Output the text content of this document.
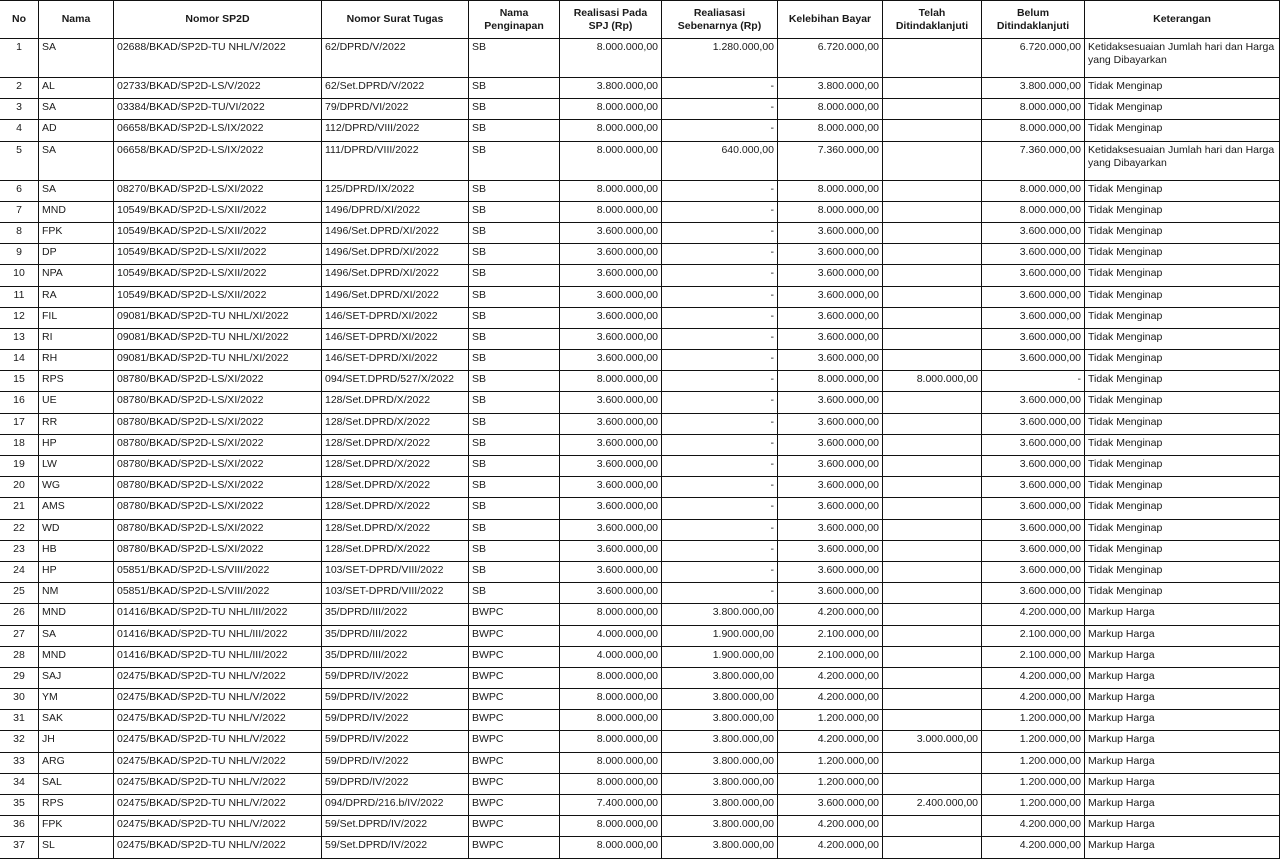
No	Nama	Nomor SP2D	Nomor Surat Tugas	Nama Penginapan	Realisasi Pada SPJ (Rp)	Realiasasi Sebenarnya (Rp)	Kelebihan Bayar	Telah Ditindaklanjuti	Belum Ditindaklanjuti	Keterangan
1	SA	02688/BKAD/SP2D-TU NHL/V/2022	62/DPRD/V/2022	SB	8.000.000,00	1.280.000,00	6.720.000,00		6.720.000,00	Ketidaksesuaian Jumlah hari dan Harga yang Dibayarkan
2	AL	02733/BKAD/SP2D-LS/V/2022	62/Set.DPRD/V/2022	SB	3.800.000,00	-	3.800.000,00		3.800.000,00	Tidak Menginap
3	SA	03384/BKAD/SP2D-TU/VI/2022	79/DPRD/VI/2022	SB	8.000.000,00	-	8.000.000,00		8.000.000,00	Tidak Menginap
4	AD	06658/BKAD/SP2D-LS/IX/2022	112/DPRD/VIII/2022	SB	8.000.000,00	-	8.000.000,00		8.000.000,00	Tidak Menginap
5	SA	06658/BKAD/SP2D-LS/IX/2022	111/DPRD/VIII/2022	SB	8.000.000,00	640.000,00	7.360.000,00		7.360.000,00	Ketidaksesuaian Jumlah hari dan Harga yang Dibayarkan
6	SA	08270/BKAD/SP2D-LS/XI/2022	125/DPRD/IX/2022	SB	8.000.000,00	-	8.000.000,00		8.000.000,00	Tidak Menginap
7	MND	10549/BKAD/SP2D-LS/XII/2022	1496/DPRD/XI/2022	SB	8.000.000,00	-	8.000.000,00		8.000.000,00	Tidak Menginap
8	FPK	10549/BKAD/SP2D-LS/XII/2022	1496/Set.DPRD/XI/2022	SB	3.600.000,00	-	3.600.000,00		3.600.000,00	Tidak Menginap
9	DP	10549/BKAD/SP2D-LS/XII/2022	1496/Set.DPRD/XI/2022	SB	3.600.000,00	-	3.600.000,00		3.600.000,00	Tidak Menginap
10	NPA	10549/BKAD/SP2D-LS/XII/2022	1496/Set.DPRD/XI/2022	SB	3.600.000,00	-	3.600.000,00		3.600.000,00	Tidak Menginap
11	RA	10549/BKAD/SP2D-LS/XII/2022	1496/Set.DPRD/XI/2022	SB	3.600.000,00	-	3.600.000,00		3.600.000,00	Tidak Menginap
12	FIL	09081/BKAD/SP2D-TU NHL/XI/2022	146/SET-DPRD/XI/2022	SB	3.600.000,00	-	3.600.000,00		3.600.000,00	Tidak Menginap
13	RI	09081/BKAD/SP2D-TU NHL/XI/2022	146/SET-DPRD/XI/2022	SB	3.600.000,00	-	3.600.000,00		3.600.000,00	Tidak Menginap
14	RH	09081/BKAD/SP2D-TU NHL/XI/2022	146/SET-DPRD/XI/2022	SB	3.600.000,00	-	3.600.000,00		3.600.000,00	Tidak Menginap
15	RPS	08780/BKAD/SP2D-LS/XI/2022	094/SET.DPRD/527/X/2022	SB	8.000.000,00	-	8.000.000,00	8.000.000,00	-	Tidak Menginap
16	UE	08780/BKAD/SP2D-LS/XI/2022	128/Set.DPRD/X/2022	SB	3.600.000,00	-	3.600.000,00		3.600.000,00	Tidak Menginap
17	RR	08780/BKAD/SP2D-LS/XI/2022	128/Set.DPRD/X/2022	SB	3.600.000,00	-	3.600.000,00		3.600.000,00	Tidak Menginap
18	HP	08780/BKAD/SP2D-LS/XI/2022	128/Set.DPRD/X/2022	SB	3.600.000,00	-	3.600.000,00		3.600.000,00	Tidak Menginap
19	LW	08780/BKAD/SP2D-LS/XI/2022	128/Set.DPRD/X/2022	SB	3.600.000,00	-	3.600.000,00		3.600.000,00	Tidak Menginap
20	WG	08780/BKAD/SP2D-LS/XI/2022	128/Set.DPRD/X/2022	SB	3.600.000,00	-	3.600.000,00		3.600.000,00	Tidak Menginap
21	AMS	08780/BKAD/SP2D-LS/XI/2022	128/Set.DPRD/X/2022	SB	3.600.000,00	-	3.600.000,00		3.600.000,00	Tidak Menginap
22	WD	08780/BKAD/SP2D-LS/XI/2022	128/Set.DPRD/X/2022	SB	3.600.000,00	-	3.600.000,00		3.600.000,00	Tidak Menginap
23	HB	08780/BKAD/SP2D-LS/XI/2022	128/Set.DPRD/X/2022	SB	3.600.000,00	-	3.600.000,00		3.600.000,00	Tidak Menginap
24	HP	05851/BKAD/SP2D-LS/VIII/2022	103/SET-DPRD/VIII/2022	SB	3.600.000,00	-	3.600.000,00		3.600.000,00	Tidak Menginap
25	NM	05851/BKAD/SP2D-LS/VIII/2022	103/SET-DPRD/VIII/2022	SB	3.600.000,00	-	3.600.000,00		3.600.000,00	Tidak Menginap
26	MND	01416/BKAD/SP2D-TU NHL/III/2022	35/DPRD/III/2022	BWPC	8.000.000,00	3.800.000,00	4.200.000,00		4.200.000,00	Markup Harga
27	SA	01416/BKAD/SP2D-TU NHL/III/2022	35/DPRD/III/2022	BWPC	4.000.000,00	1.900.000,00	2.100.000,00		2.100.000,00	Markup Harga
28	MND	01416/BKAD/SP2D-TU NHL/III/2022	35/DPRD/III/2022	BWPC	4.000.000,00	1.900.000,00	2.100.000,00		2.100.000,00	Markup Harga
29	SAJ	02475/BKAD/SP2D-TU NHL/V/2022	59/DPRD/IV/2022	BWPC	8.000.000,00	3.800.000,00	4.200.000,00		4.200.000,00	Markup Harga
30	YM	02475/BKAD/SP2D-TU NHL/V/2022	59/DPRD/IV/2022	BWPC	8.000.000,00	3.800.000,00	4.200.000,00		4.200.000,00	Markup Harga
31	SAK	02475/BKAD/SP2D-TU NHL/V/2022	59/DPRD/IV/2022	BWPC	8.000.000,00	3.800.000,00	1.200.000,00		1.200.000,00	Markup Harga
32	JH	02475/BKAD/SP2D-TU NHL/V/2022	59/DPRD/IV/2022	BWPC	8.000.000,00	3.800.000,00	4.200.000,00	3.000.000,00	1.200.000,00	Markup Harga
33	ARG	02475/BKAD/SP2D-TU NHL/V/2022	59/DPRD/IV/2022	BWPC	8.000.000,00	3.800.000,00	1.200.000,00		1.200.000,00	Markup Harga
34	SAL	02475/BKAD/SP2D-TU NHL/V/2022	59/DPRD/IV/2022	BWPC	8.000.000,00	3.800.000,00	1.200.000,00		1.200.000,00	Markup Harga
35	RPS	02475/BKAD/SP2D-TU NHL/V/2022	094/DPRD/216.b/IV/2022	BWPC	7.400.000,00	3.800.000,00	3.600.000,00	2.400.000,00	1.200.000,00	Markup Harga
36	FPK	02475/BKAD/SP2D-TU NHL/V/2022	59/Set.DPRD/IV/2022	BWPC	8.000.000,00	3.800.000,00	4.200.000,00		4.200.000,00	Markup Harga
37	SL	02475/BKAD/SP2D-TU NHL/V/2022	59/Set.DPRD/IV/2022	BWPC	8.000.000,00	3.800.000,00	4.200.000,00		4.200.000,00	Markup Harga
